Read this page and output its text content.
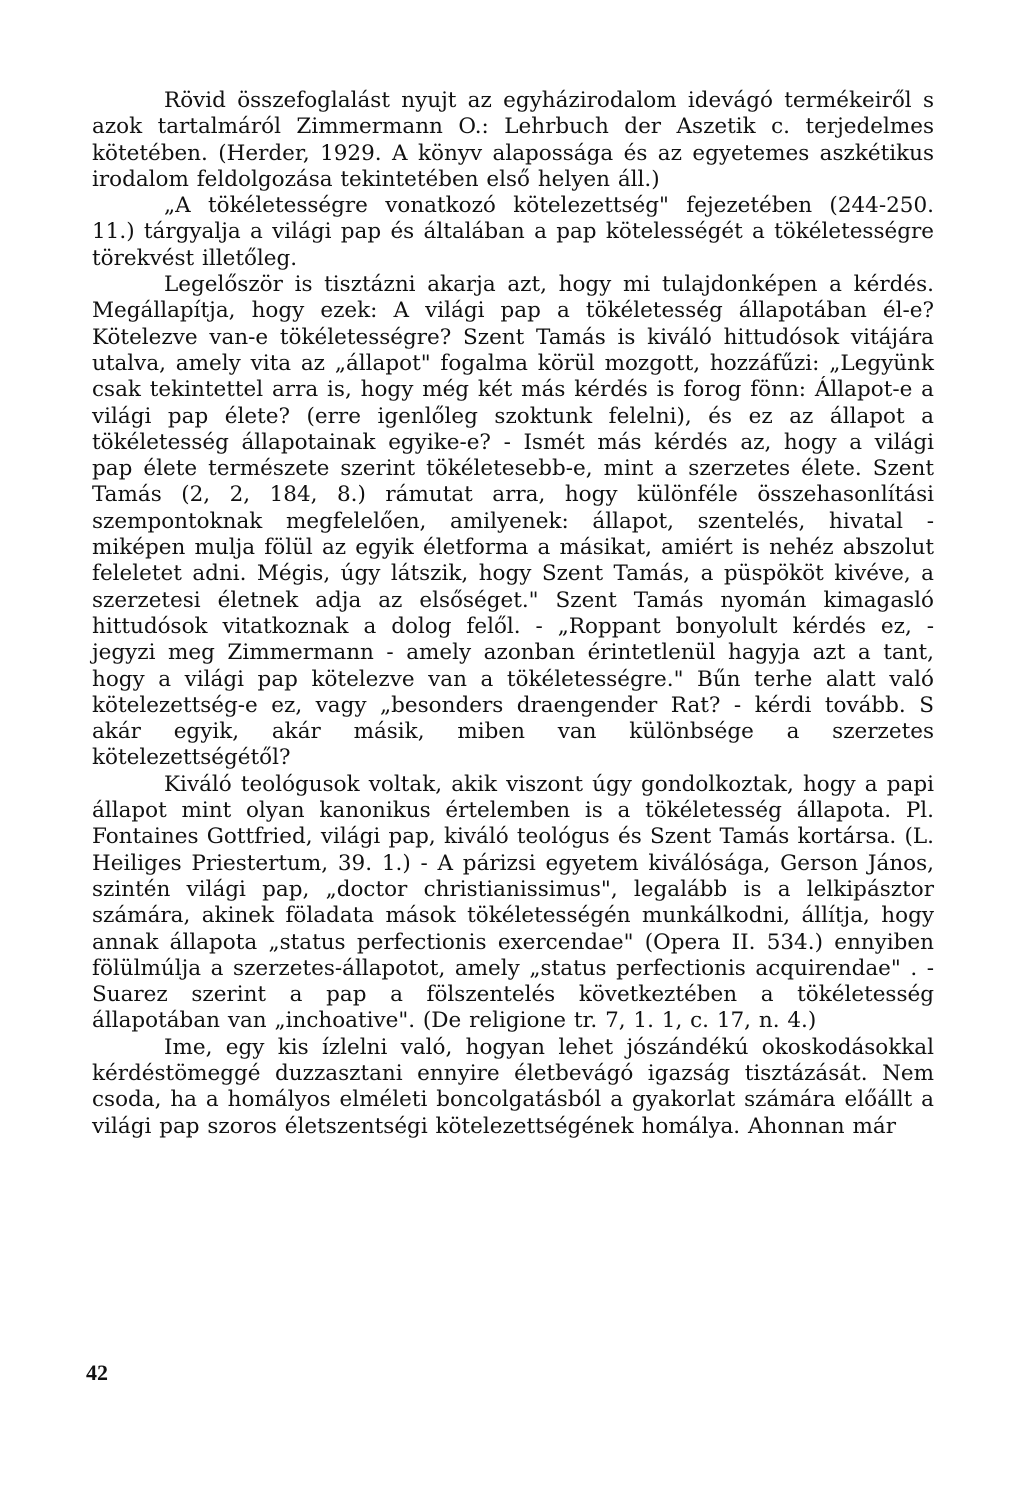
Rövid összefoglalást nyujt az egyházirodalom idevágó termékeiről s azok tartalmáról Zimmermann O.: Lehrbuch der Aszetik c. terjedelmes kötetében. (Herder, 1929. A könyv alapossága és az egyetemes aszkétikus irodalom feldolgozása tekintetében első helyen áll.)

„A tökéletességre vonatkozó kötelezettség" fejezetében (244-250. 11.) tárgyalja a világi pap és általában a pap kötelességét a tökéletességre törekvést illetőleg.

Legelőször is tisztázni akarja azt, hogy mi tulajdonképen a kérdés. Megállapítja, hogy ezek: A világi pap a tökéletesség állapotában él-e? Kötelezve van-e tökéletességre? Szent Tamás is kiváló hittudósok vitájára utalva, amely vita az „állapot" fogalma körül mozgott, hozzáfűzi: „Legyünk csak tekintettel arra is, hogy még két más kérdés is forog fönn: Állapot-e a világi pap élete? (erre igenlőleg szoktunk felelni), és ez az állapot a tökéletesség állapotainak egyike-e? - Ismét más kérdés az, hogy a világi pap élete természete szerint tökéletesebb-e, mint a szerzetes élete. Szent Tamás (2, 2, 184, 8.) rámutat arra, hogy különféle összehasonlítási szempontoknak megfelelően, amilyenek: állapot, szentelés, hivatal - miképen mulja fölül az egyik életforma a másikat, amiért is nehéz abszolut feleletet adni. Mégis, úgy látszik, hogy Szent Tamás, a püspököt kivéve, a szerzetesi életnek adja az elsőséget." Szent Tamás nyomán kimagasló hittudósok vitatkoznak a dolog felől. - „Roppant bonyolult kérdés ez, - jegyzi meg Zimmermann - amely azonban érintetlenül hagyja azt a tant, hogy a világi pap kötelezve van a tökéletességre." Bűn terhe alatt való kötelezettség-e ez, vagy „besonders draengender Rat? - kérdi tovább. S akár egyik, akár másik, miben van különbsége a szerzetes kötelezettségétől?

Kiváló teológusok voltak, akik viszont úgy gondolkoztak, hogy a papi állapot mint olyan kanonikus értelemben is a tökéletesség állapota. Pl. Fontaines Gottfried, világi pap, kiváló teológus és Szent Tamás kortársa. (L. Heiliges Priestertum, 39. 1.) - A párizsi egyetem kiválósága, Gerson János, szintén világi pap, „doctor christianissimus", legalább is a lelkipásztor számára, akinek föladata mások tökéletességén munkálkodni, állítja, hogy annak állapota „status perfectionis exercendae" (Opera II. 534.) ennyiben fölülmúlja a szerzetes-állapotot, amely „status perfectionis acquirendae" . - Suarez szerint a pap a fölszentelés következtében a tökéletesség állapotában van „inchoative". (De religione tr. 7, 1. 1, c. 17, n. 4.)

Ime, egy kis ízlelni való, hogyan lehet jószándékú okoskodásokkal kérdéstömeggé duzzasztani ennyire életbevágó igazság tisztázását. Nem csoda, ha a homályos elméleti boncolgatásból a gyakorlat számára előállt a világi pap szoros életszentségi kötelezettségének homálya. Ahonnan már

42
